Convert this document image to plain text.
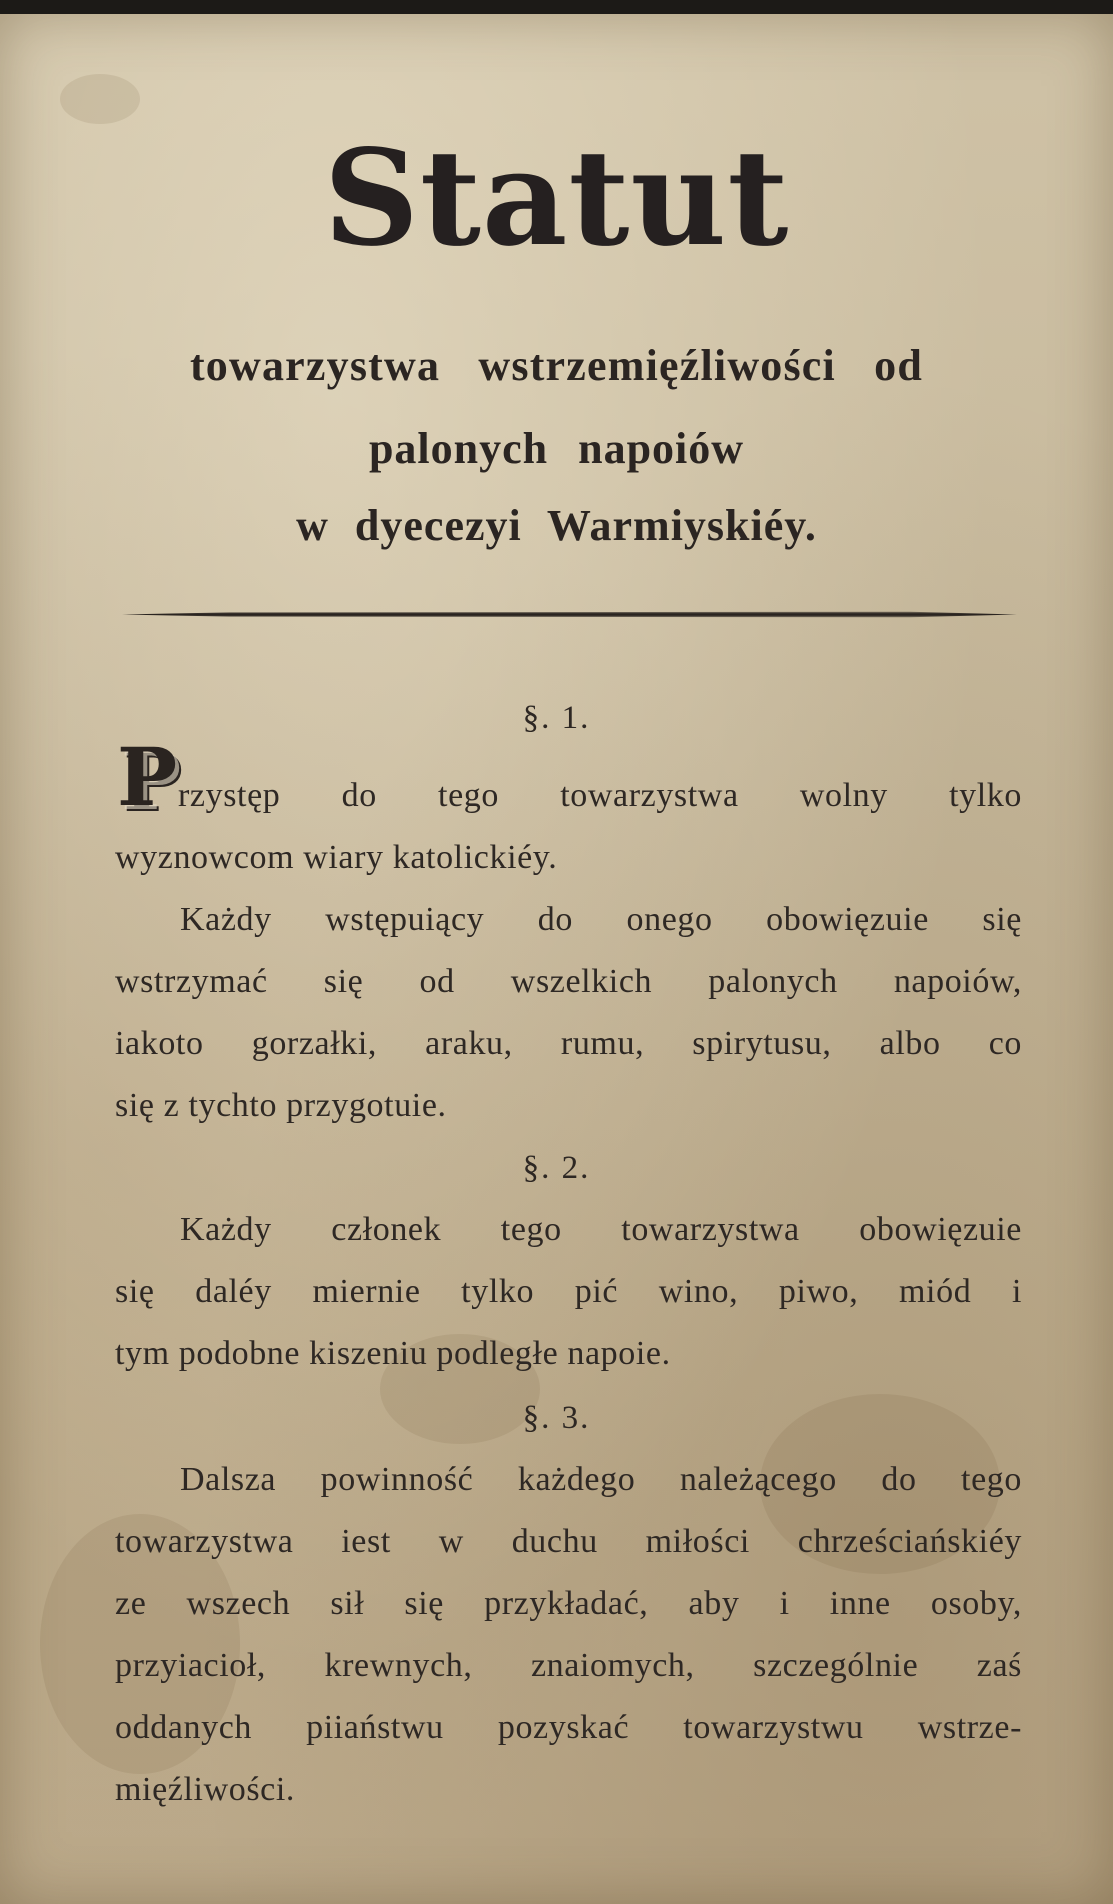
Statut
towarzystwa wstrzemięźliwości od
palonych napoiów
w dyecezyi Warmiyskiéy.
§. 1.
P rzystęp do tego towarzystwa wolny tylko
wyznowcom wiary katolickiéy.
Każdy wstępuiący do onego obowięzuie się
wstrzymać się od wszelkich palonych napoiów,
iakoto gorzałki, araku, rumu, spirytusu, albo co
się z tychto przygotuie.
§. 2.
Każdy członek tego towarzystwa obowięzuie
się daléy miernie tylko pić wino, piwo, miód i
tym podobne kiszeniu podległe napoie.
§. 3.
Dalsza powinność każdego należącego do tego
towarzystwa iest w duchu miłości chrześciańskiéy
ze wszech sił się przykładać, aby i inne osoby,
przyiacioł, krewnych, znaiomych, szczególnie zaś
oddanych piiaństwu pozyskać towarzystwu wstrze-
mięźliwości.
